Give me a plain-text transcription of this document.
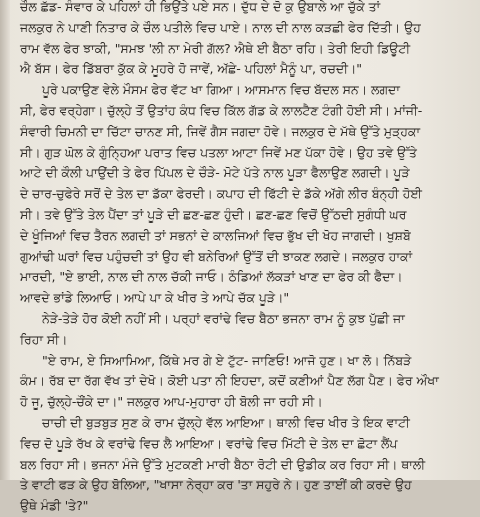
ਚੌਲ ਛੱਡ- ਸੰਵਾਰ ਕੇ ਪਹਿਲਾਂ ਹੀ ਭਿਉਂਤੇ ਪਏ ਸਨ। ਦੁੱਧ ਦੇ ਦੋ ਕੁ ਉਬਾਲੇ ਆ ਚੁੱਕੇ ਤਾਂ
ਜਲਕੁਰ ਨੇ ਪਾਣੀ ਨਿਤਾਰ ਕੇ ਚੌਲ ਪਤੀਲੇ ਵਿਚ ਪਾਏ। ਨਾਲ ਦੀ ਨਾਲ ਕੜਛੀ ਫੇਰ ਦਿੱਤੀ। ਉਹ
ਰਾਮ ਵੱਲ ਫੇਰ ਝਾਕੀ, "ਸਮਝ 'ਲੀ ਨਾ ਮੇਰੀ ਗੱਲ? ਐਥੇ ਈ ਬੈਠਾ ਰਹਿ। ਤੇਰੀ ਇਹੀ ਡਿਊਟੀ
ਐ ਬੱਸ। ਫੇਰ ਡਿੱਬਰਾ ਕੁੱਕ ਕੇ ਮੂਹਰੇ ਹੋ ਜਾਵੇਂ, ਅੱਛੇ- ਪਹਿਲਾਂ ਮੈਨੂੰ ਪਾ, ਰਚਦੀ।"
ਪੂਰੇ ਪਕਾਉਣ ਵੇਲੇ ਮੌਸਮ ਫੇਰ ਵੱਟ ਖਾ ਗਿਆ। ਆਸਮਾਨ ਵਿਚ ਬੱਦਲ ਸਨ। ਲਗਦਾ
ਸੀ, ਫੇਰ ਵਰ੍ਹੇਗਾ। ਚੁੱਲ੍ਹੇ ਤੋਂ ਉਤਾਂਹ ਕੰਧ ਵਿਚ ਕਿੱਲ ਗੱਡ ਕੇ ਲਾਲਟੈਣ ਟੰਗੀ ਹੋਈ ਸੀ। ਮਾਂਜੀ-
ਸੰਵਾਰੀ ਚਿਮਨੀ ਦਾ ਚਿੱਟਾ ਚਾਨਣ ਸੀ, ਜਿਵੇਂ ਗੈਸ ਜਗਦਾ ਹੋਵੇ। ਜਲਕੁਰ ਦੇ ਮੱਥੇ ਉੱਤੇ ਮੁੜ੍ਹਕਾ
ਸੀ। ਗੁੜ ਘੋਲ ਕੇ ਗੁੰਨ੍ਹਿਆ ਪਰਾਤ ਵਿਚ ਪਤਲਾ ਆਟਾ ਜਿਵੇਂ ਮਣ ਪੱਕਾ ਹੋਵੇ। ਉਹ ਤਵੇ ਉੱਤੇ
ਆਟੇ ਦੀ ਕੌਲੀ ਪਾਉਂਦੀ ਤੇ ਫੇਰ ਪਿੱਪਲ ਦੇ ਚੌੜੇ- ਮੋਟੇ ਪੱਤੇ ਨਾਲ ਪੂੜਾ ਫੈਲਾਉਣ ਲਗਦੀ। ਪੂੜੇ
ਦੇ ਚਾਰ-ਚੁਫੇਰੇ ਸਰੋਂ ਦੇ ਤੇਲ ਦਾ ਡੱਕਾ ਫੇਰਦੀ। ਕਪਾਹ ਦੀ ਫਿੱਟੀ ਦੇ ਡੱਕੇ ਅੱਗੇ ਲੀਰ ਬੰਨ੍ਹੀ ਹੋਈ
ਸੀ। ਤਵੇ ਉੱਤੇ ਤੇਲ ਪੈਂਦਾ ਤਾਂ ਪੂੜੇ ਦੀ ਛਣ-ਛਣ ਹੁੰਦੀ। ਛਣ-ਛਣ ਵਿਚੋਂ ਉੱਠਦੀ ਸੁਗੰਧੀ ਘਰ
ਦੇ ਖੂੰਜਿਆਂ ਵਿਚ ਤੈਰਨ ਲਗਦੀ ਤਾਂ ਸਭਨਾਂ ਦੇ ਕਾਲਜਿਆਂ ਵਿਚ ਭੁੱਖ ਦੀ ਖੋਹ ਜਾਗਦੀ। ਖੁਸ਼ਬੋ
ਗੁਆਂਢੀ ਘਰਾਂ ਵਿਚ ਪਹੁੰਚਦੀ ਤਾਂ ਉਹ ਵੀ ਬਨੇਰਿਆਂ ਉੱਤੋਂ ਦੀ ਝਾਕਣ ਲਗਦੇ। ਜਲਕੁਰ ਹਾਕਾਂ
ਮਾਰਦੀ, "ਏ ਭਾਈ, ਨਾਲ ਦੀ ਨਾਲ ਚੱਕੀ ਜਾਓ। ਠੰਡਿਆਂ ਲੱਕੜਾਂ ਖਾਣ ਦਾ ਫੇਰ ਕੀ ਫੈਦਾ।
ਆਵਦੇ ਭਾਂਡੇ ਲਿਆਓ। ਆਪੇ ਪਾ ਕੇ ਖੀਰ ਤੇ ਆਪੇ ਚੱਕ ਪੂੜੇ।"
ਨੇੜੇ-ਤੇੜੇ ਹੋਰ ਕੋਈ ਨਹੀਂ ਸੀ। ਪਰ੍ਹਾਂ ਵਰਾਂਢੇ ਵਿਚ ਬੈਠਾ ਭਜਨਾ ਰਾਮ ਨੂੰ ਕੁਝ ਪੁੱਛੀ ਜਾ
ਰਿਹਾ ਸੀ।
"ਏ ਰਾਮ, ਏ ਸਿਆਮਿਆ, ਕਿੱਥੇ ਮਰ ਗੇ ਏ ਟੁੱਟ- ਜਾਣਿਓ! ਆਜੋ ਹੁਣ। ਖਾ ਲੋ। ਨਿੱਬੜੇ
ਕੰਮ। ਰੱਬ ਦਾ ਰੱਗ ਵੱਖ ਤਾਂ ਦੇਖੋ। ਕੋਈ ਪਤਾ ਨੀ ਇਹਦਾ, ਕਦੋਂ ਕਣੀਆਂ ਪੈਣ ਲੱਗ ਪੈਣ। ਫੇਰ ਔਖਾ
ਹੋ ਜੂ, ਚੁੱਲ੍ਹੇ-ਚੌਂਕੇ ਦਾ।" ਜਲਕੁਰ ਆਪ-ਮੁਹਾਰਾ ਹੀ ਬੋਲੀ ਜਾ ਰਹੀ ਸੀ।
ਚਾਚੀ ਦੀ ਬੁੜਬੁੜ ਸੁਣ ਕੇ ਰਾਮ ਚੁੱਲ੍ਹੇ ਵੱਲ ਆਇਆ। ਥਾਲੀ ਵਿਚ ਖੀਰ ਤੇ ਇਕ ਵਾਟੀ
ਵਿਚ ਦੋ ਪੂੜੇ ਰੱਖ ਕੇ ਵਰਾਂਢੇ ਵਿਚ ਲੈ ਆਇਆ। ਵਰਾਂਢੇ ਵਿਚ ਮਿੱਟੀ ਦੇ ਤੇਲ ਦਾ ਛੋਟਾ ਲੈਂਪ
ਬਲ ਰਿਹਾ ਸੀ। ਭਜਨਾ ਮੰਜੇ ਉੱਤੇ ਮੁਟਕਣੀ ਮਾਰੀ ਬੈਠਾ ਰੋਟੀ ਦੀ ਉਡੀਕ ਕਰ ਰਿਹਾ ਸੀ। ਥਾਲੀ
ਤੇ ਵਾਟੀ ਫੜ ਕੇ ਉਹ ਬੋਲਿਆ, "ਖਾਸਾ ਨੇਰ੍ਹਾ ਕਰ 'ਤਾ ਸਹੁਰੇ ਨੇ। ਹੁਣ ਤਾਈਂ ਕੀ ਕਰਦੇ ਉਹ
ਉਥੇ ਮੰਡੀ 'ਤੇ?"
